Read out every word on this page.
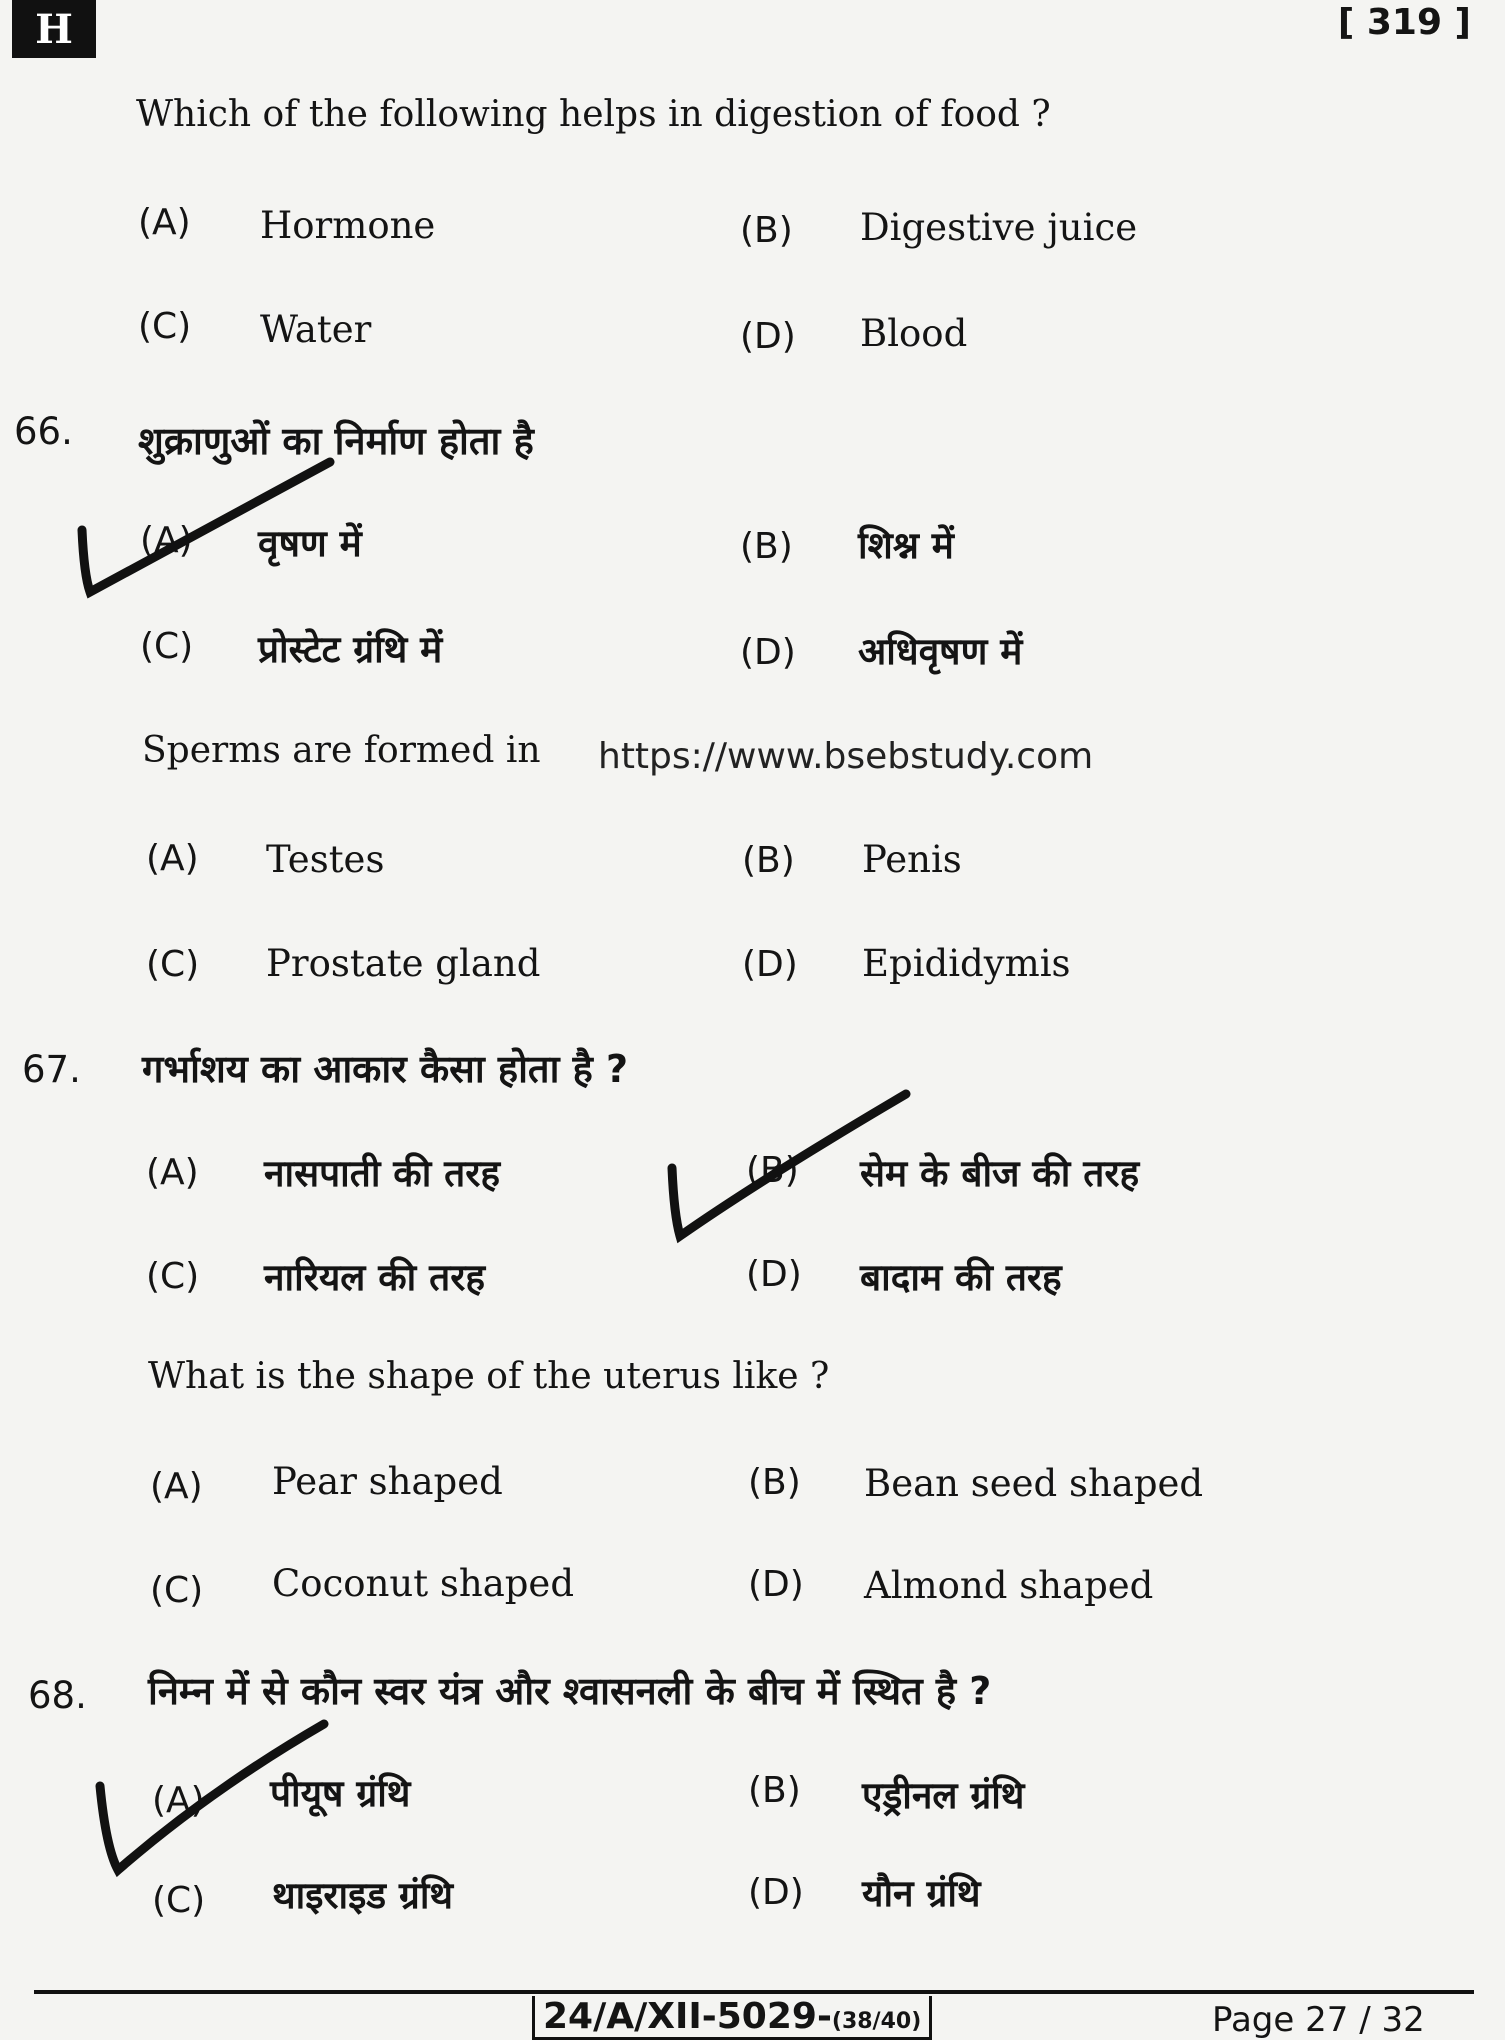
H	[ 319 ]
Which of the following helps in digestion of food ?
(A) Hormone	(B) Digestive juice
(C) Water	(D) Blood
66. शुक्राणुओं का निर्माण होता है
(A) वृषण में	(B) शिश्न में
(C) प्रोस्टेट ग्रंथि में	(D) अधिवृषण में
Sperms are formed in https://www.bsebstudy.com
(A) Testes	(B) Penis
(C) Prostate gland	(D) Epididymis
67. गर्भाशय का आकार कैसा होता है ?
(A) नासपाती की तरह	(B) सेम के बीज की तरह
(C) नारियल की तरह	(D) बादाम की तरह
What is the shape of the uterus like ?
(A) Pear shaped	(B) Bean seed shaped
(C) Coconut shaped	(D) Almond shaped
68. निम्न में से कौन स्वर यंत्र और श्वासनली के बीच में स्थित है ?
(A) पीयूष ग्रंथि	(B) एड्रीनल ग्रंथि
(C) थाइराइड ग्रंथि	(D) यौन ग्रंथि
24/A/XII-5029-(38/40)	Page 27 / 32
